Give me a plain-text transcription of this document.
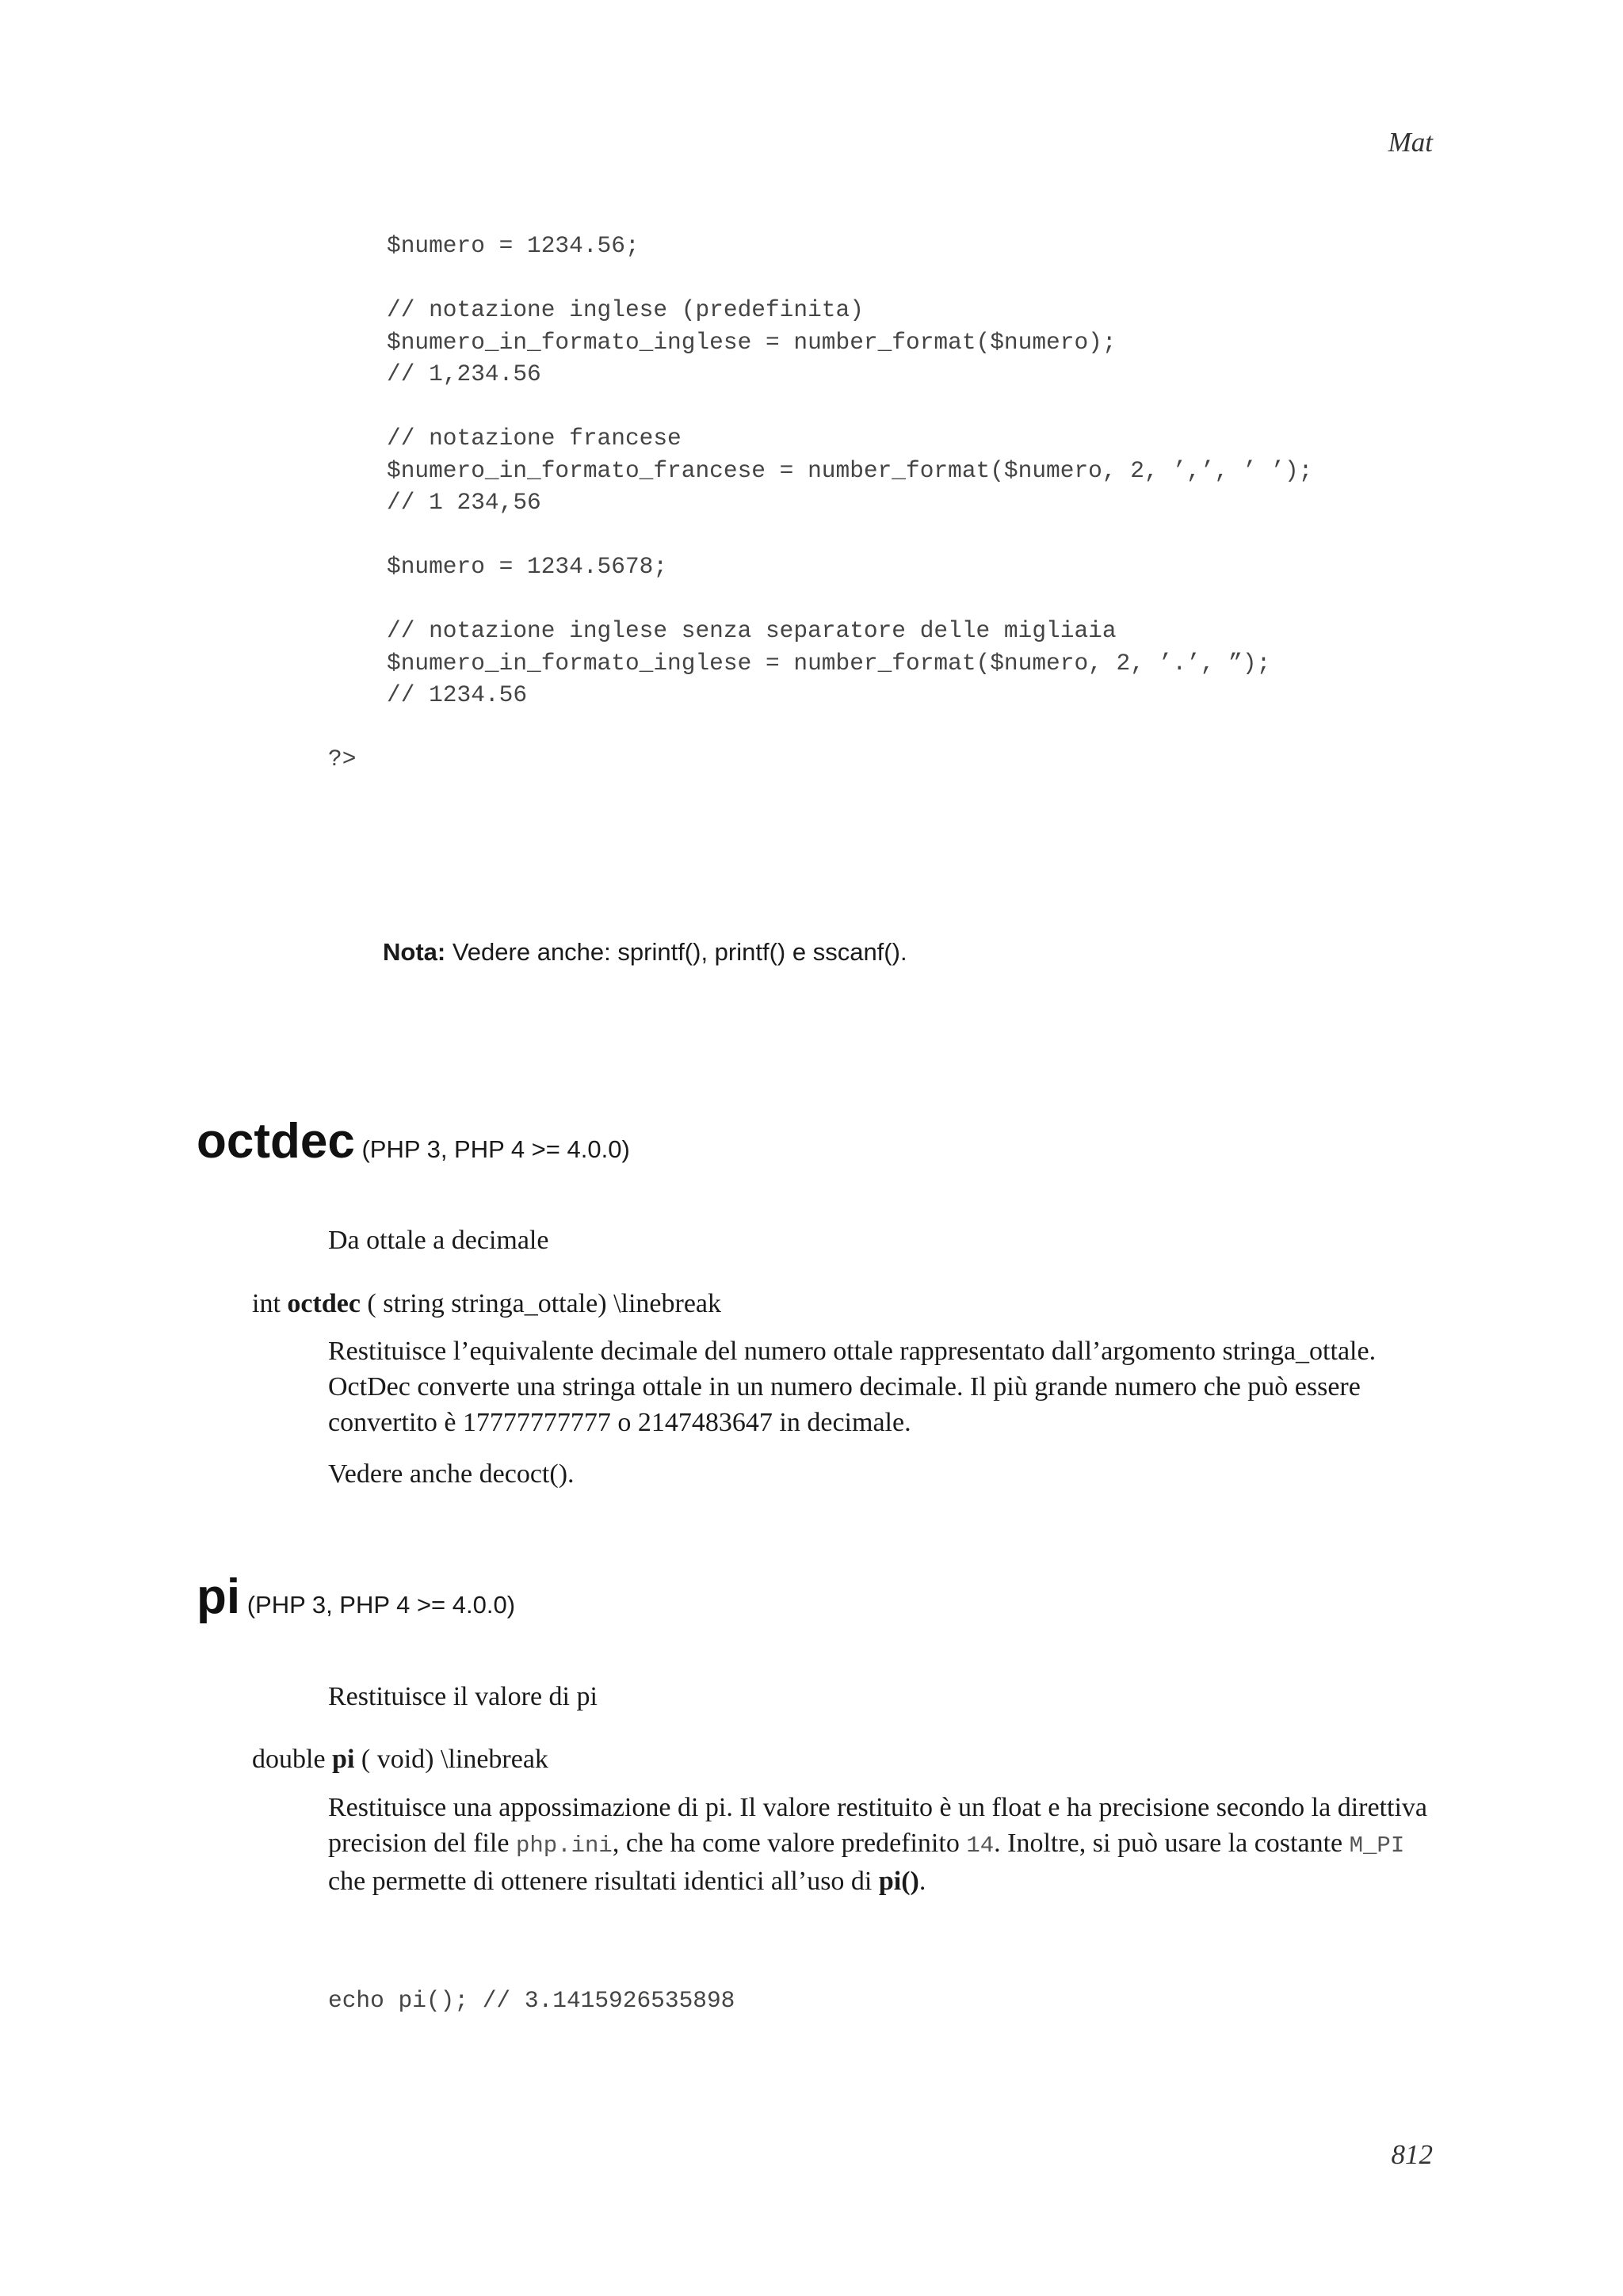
Mat
$numero = 1234.56;

// notazione inglese (predefinita)
$numero_in_formato_inglese = number_format($numero);
// 1,234.56

// notazione francese
$numero_in_formato_francese = number_format($numero, 2, ’,’, ’ ’);
// 1 234,56

$numero = 1234.5678;

// notazione inglese senza separatore delle migliaia
$numero_in_formato_inglese = number_format($numero, 2, ’.’, ”);
// 1234.56
?>
Nota: Vedere anche: sprintf(), printf() e sscanf().
octdec (PHP 3, PHP 4 >= 4.0.0)
Da ottale a decimale
int octdec ( string stringa_ottale) \linebreak
Restituisce l’equivalente decimale del numero ottale rappresentato dall’argomento stringa_ottale. OctDec converte una stringa ottale in un numero decimale. Il più grande numero che può essere convertito è 17777777777 o 2147483647 in decimale.
Vedere anche decoct().
pi (PHP 3, PHP 4 >= 4.0.0)
Restituisce il valore di pi
double pi ( void) \linebreak
Restituisce una appossimazione di pi. Il valore restituito è un float e ha precisione secondo la direttiva precision del file php.ini, che ha come valore predefinito 14. Inoltre, si può usare la costante M_PI che permette di ottenere risultati identici all’uso di pi().
echo pi(); // 3.1415926535898
812
